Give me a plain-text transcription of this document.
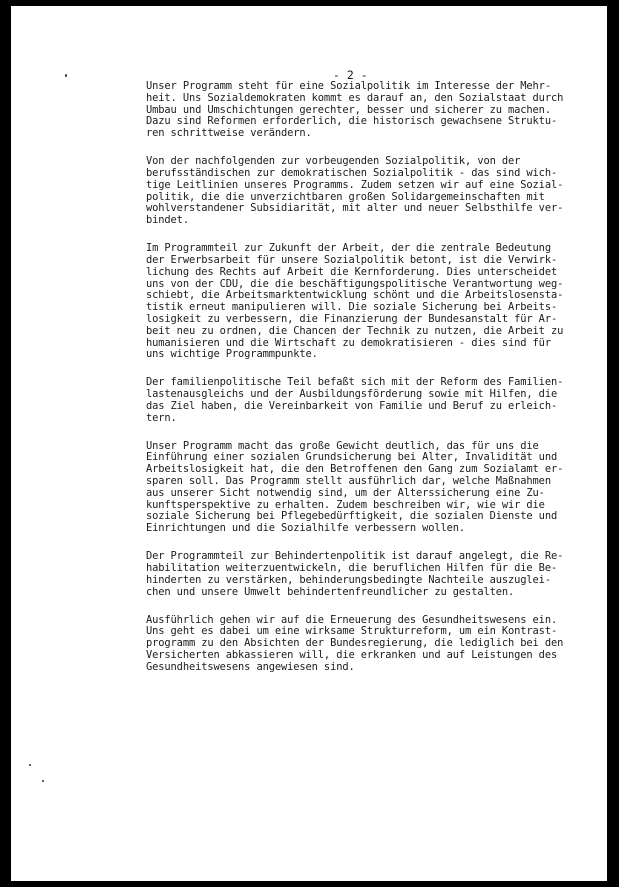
- 2 -

Unser Programm steht für eine Sozialpolitik im Interesse der Mehr-
heit. Uns Sozialdemokraten kommt es darauf an, den Sozialstaat durch
Umbau und Umschichtungen gerechter, besser und sicherer zu machen.
Dazu sind Reformen erforderlich, die historisch gewachsene Struktu-
ren schrittweise verändern.

Von der nachfolgenden zur vorbeugenden Sozialpolitik, von der
berufsständischen zur demokratischen Sozialpolitik - das sind wich-
tige Leitlinien unseres Programms. Zudem setzen wir auf eine Sozial-
politik, die die unverzichtbaren großen Solidargemeinschaften mit
wohlverstandener Subsidiarität, mit alter und neuer Selbsthilfe ver-
bindet.

Im Programmteil zur Zukunft der Arbeit, der die zentrale Bedeutung
der Erwerbsarbeit für unsere Sozialpolitik betont, ist die Verwirk-
lichung des Rechts auf Arbeit die Kernforderung. Dies unterscheidet
uns von der CDU, die die beschäftigungspolitische Verantwortung weg-
schiebt, die Arbeitsmarktentwicklung schönt und die Arbeitslosensta-
tistik erneut manipulieren will. Die soziale Sicherung bei Arbeits-
losigkeit zu verbessern, die Finanzierung der Bundesanstalt für Ar-
beit neu zu ordnen, die Chancen der Technik zu nutzen, die Arbeit zu
humanisieren und die Wirtschaft zu demokratisieren - dies sind für
uns wichtige Programmpunkte.

Der familienpolitische Teil befaßt sich mit der Reform des Familien-
lastenausgleichs und der Ausbildungsförderung sowie mit Hilfen, die
das Ziel haben, die Vereinbarkeit von Familie und Beruf zu erleich-
tern.

Unser Programm macht das große Gewicht deutlich, das für uns die
Einführung einer sozialen Grundsicherung bei Alter, Invalidität und
Arbeitslosigkeit hat, die den Betroffenen den Gang zum Sozialamt er-
sparen soll. Das Programm stellt ausführlich dar, welche Maßnahmen
aus unserer Sicht notwendig sind, um der Alterssicherung eine Zu-
kunftsperspektive zu erhalten. Zudem beschreiben wir, wie wir die
soziale Sicherung bei Pflegebedürftigkeit, die sozialen Dienste und
Einrichtungen und die Sozialhilfe verbessern wollen.

Der Programmteil zur Behindertenpolitik ist darauf angelegt, die Re-
habilitation weiterzuentwickeln, die beruflichen Hilfen für die Be-
hinderten zu verstärken, behinderungsbedingte Nachteile auszuglei-
chen und unsere Umwelt behindertenfreundlicher zu gestalten.

Ausführlich gehen wir auf die Erneuerung des Gesundheitswesens ein.
Uns geht es dabei um eine wirksame Strukturreform, um ein Kontrast-
programm zu den Absichten der Bundesregierung, die lediglich bei den
Versicherten abkassieren will, die erkranken und auf Leistungen des
Gesundheitswesens angewiesen sind.
